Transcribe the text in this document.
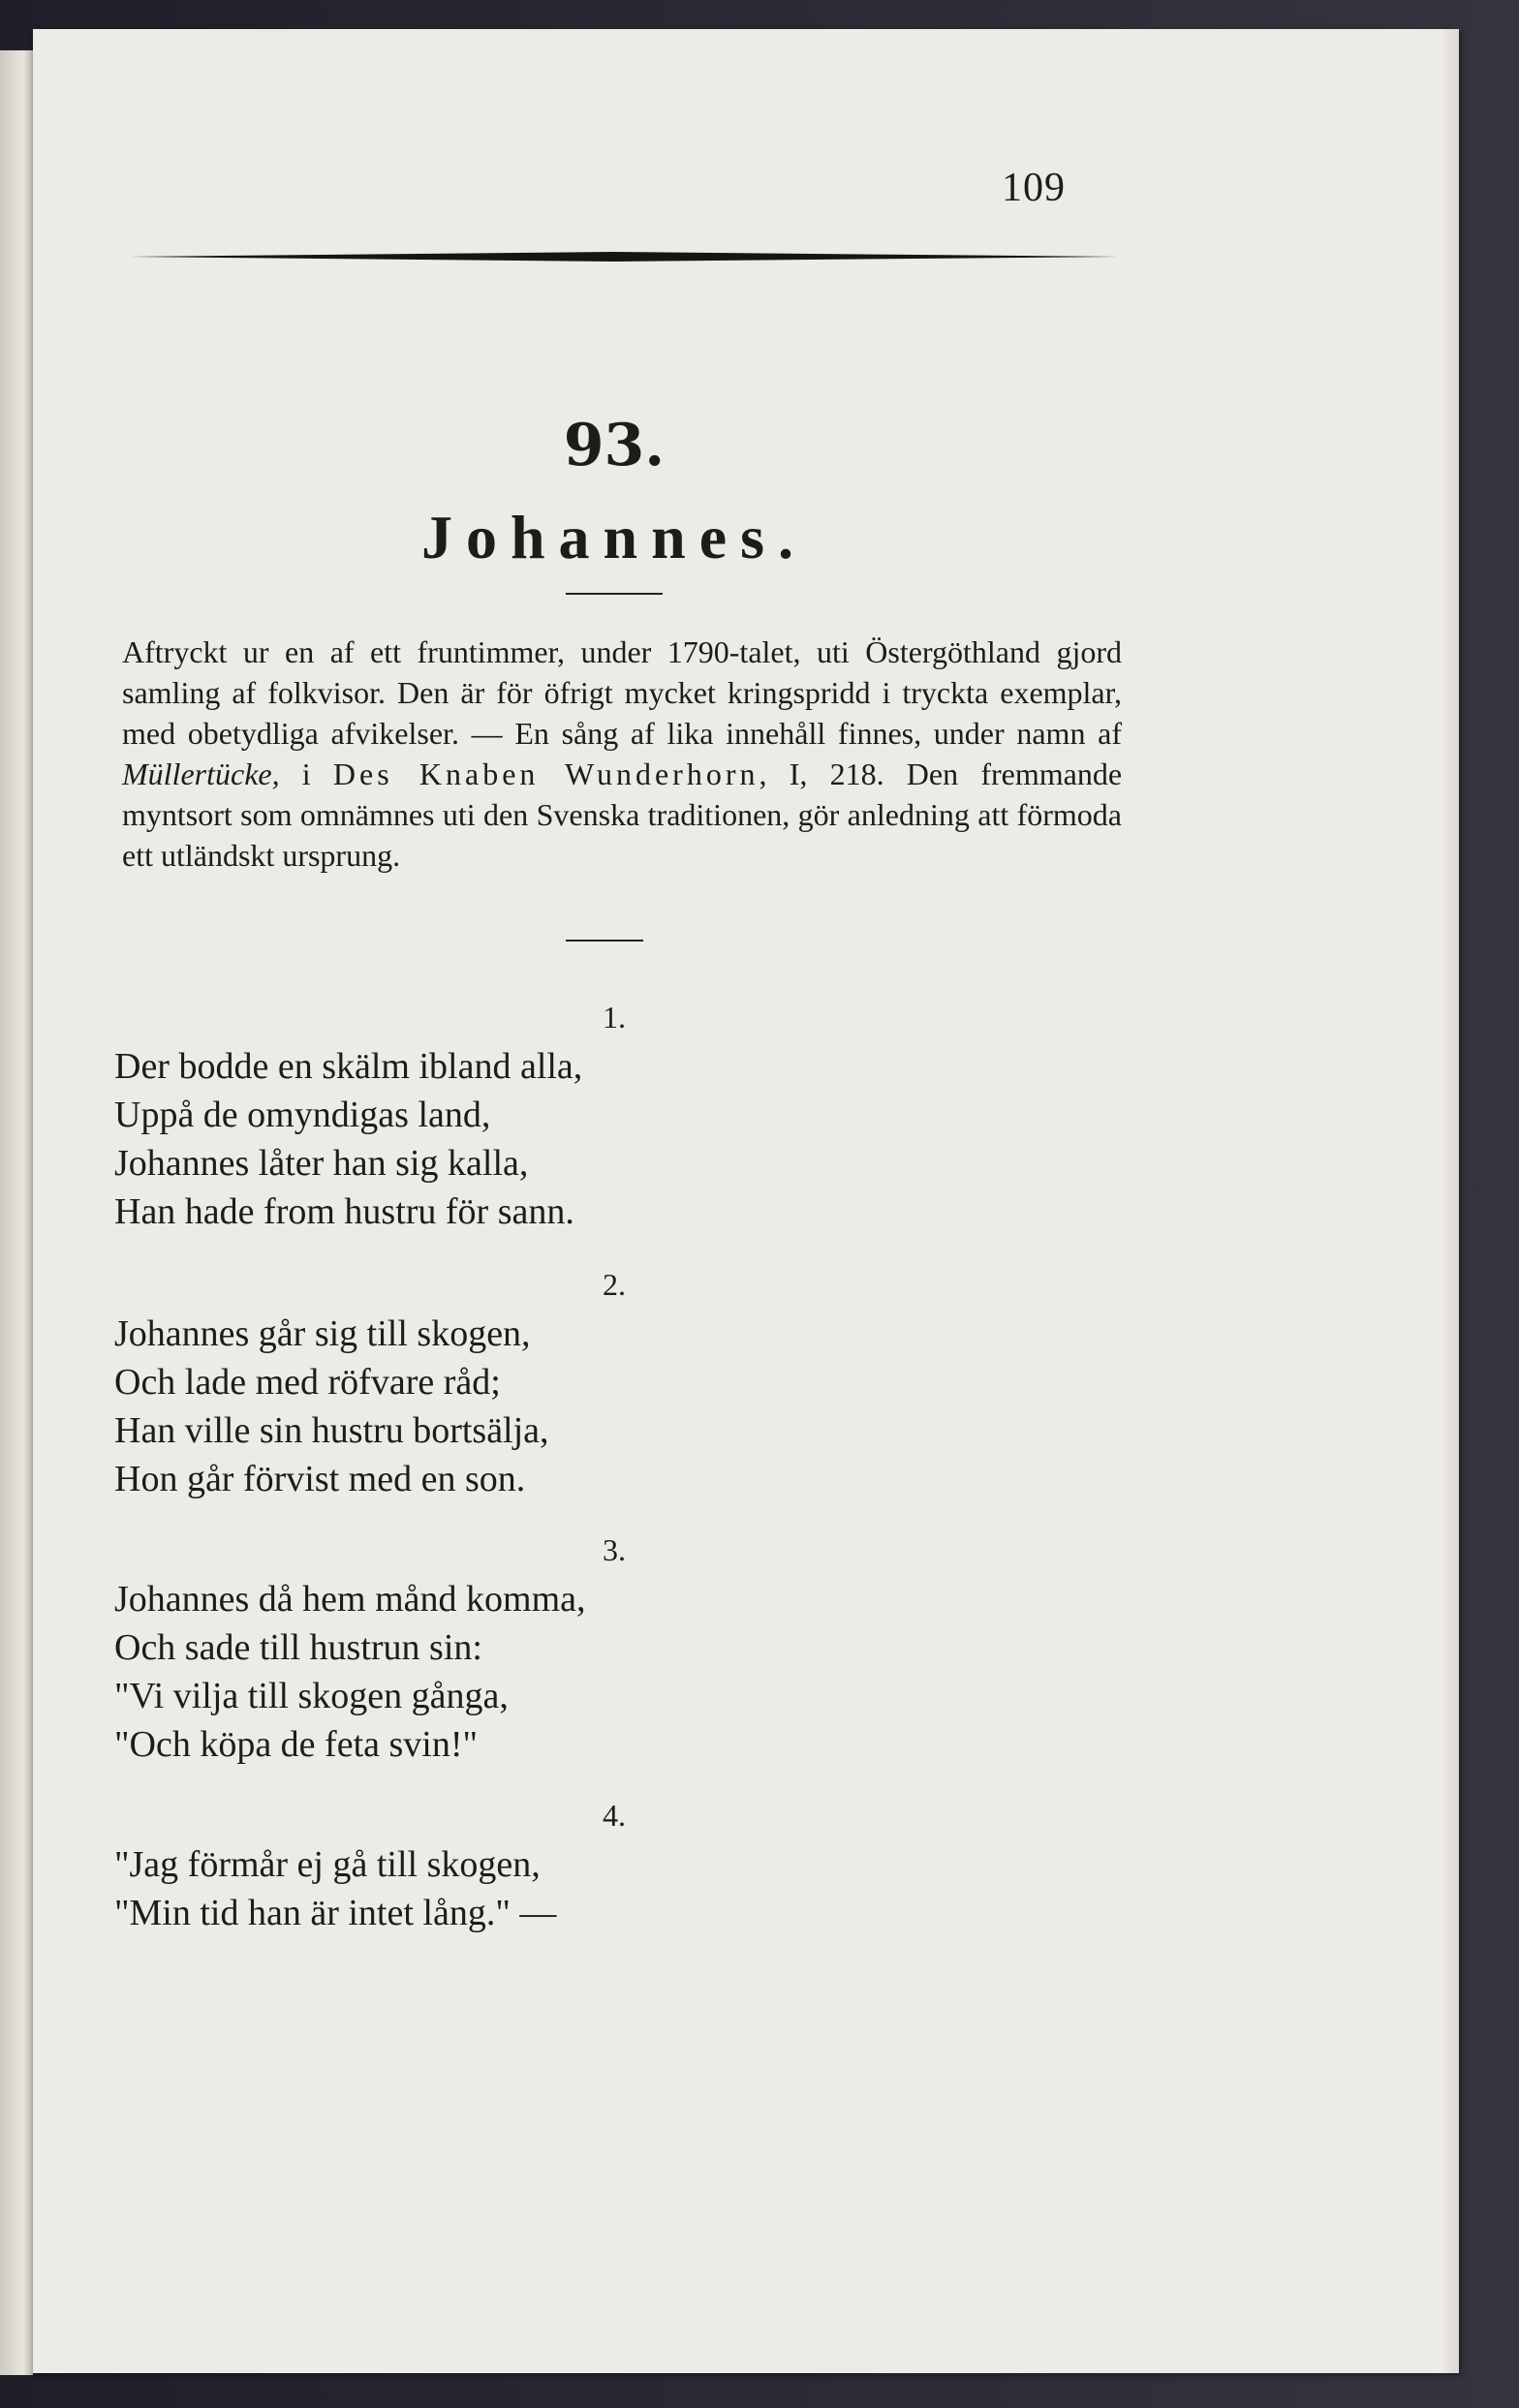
109
93.
Johannes.

Aftryckt ur en af ett fruntimmer, under 1790-talet, uti Östergöthland gjord samling af folkvisor. Den är för öfrigt mycket kringspridd i tryckta exemplar, med obetydliga afvikelser. — En sång af lika innehåll finnes, under namn af Müllertücke, i Des Knaben Wunderhorn, I, 218. Den fremmande myntsort som omnämnes uti den Svenska traditionen, gör anledning att förmoda ett utländskt ursprung.

1.
Der bodde en skälm ibland alla,
Uppå de omyndigas land,
Johannes låter han sig kalla,
Han hade from hustru för sann.
2.
Johannes går sig till skogen,
Och lade med röfvare råd;
Han ville sin hustru bortsälja,
Hon går förvist med en son.
3.
Johannes då hem månd komma,
Och sade till hustrun sin:
"Vi vilja till skogen gånga,
"Och köpa de feta svin!"
4.
"Jag förmår ej gå till skogen,
"Min tid han är intet lång." —
